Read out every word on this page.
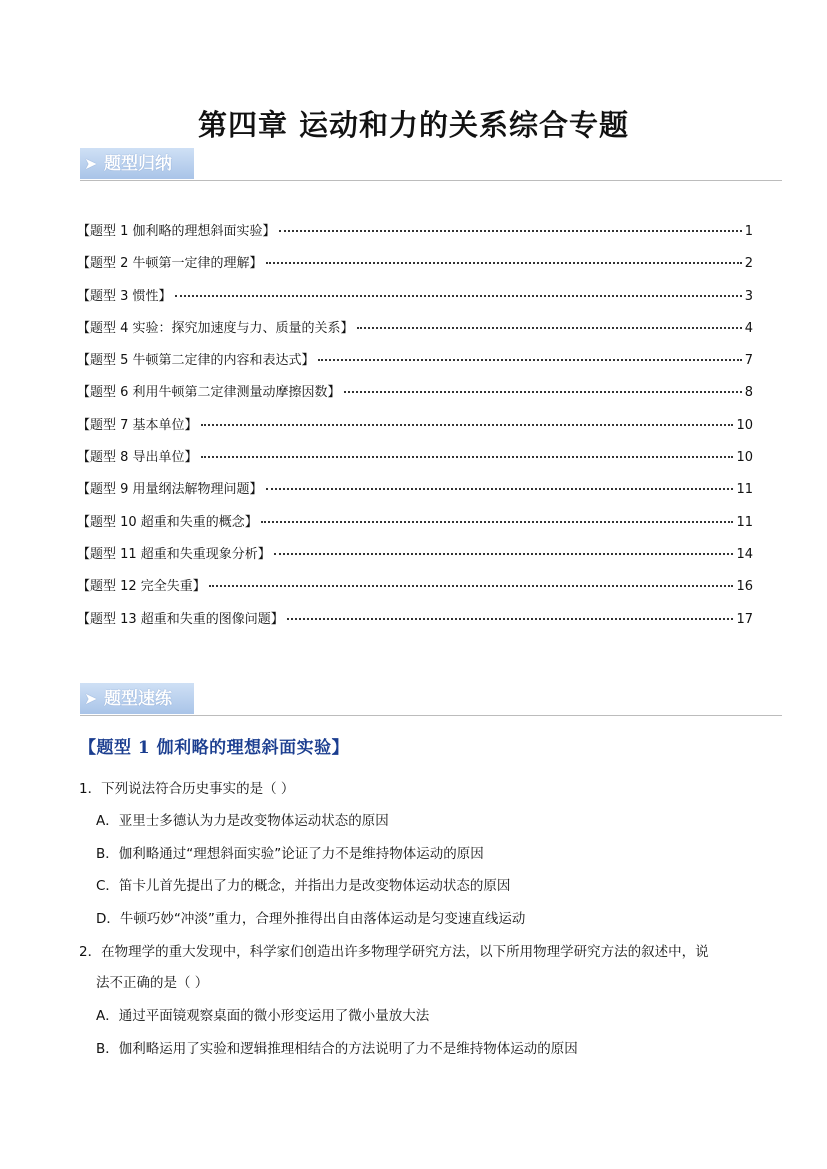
第四章 运动和力的关系综合专题
➤ 题型归纳
【题型 1 伽利略的理想斜面实验】	1
【题型 2 牛顿第一定律的理解】	2
【题型 3 惯性】	3
【题型 4 实验：探究加速度与力、质量的关系】	4
【题型 5 牛顿第二定律的内容和表达式】	7
【题型 6 利用牛顿第二定律测量动摩擦因数】	8
【题型 7 基本单位】	10
【题型 8 导出单位】	10
【题型 9 用量纲法解物理问题】	11
【题型 10 超重和失重的概念】	11
【题型 11 超重和失重现象分析】	14
【题型 12 完全失重】	16
【题型 13 超重和失重的图像问题】	17
➤ 题型速练
【题型 1 伽利略的理想斜面实验】
1．下列说法符合历史事实的是（ ）
A．亚里士多德认为力是改变物体运动状态的原因
B．伽利略通过“理想斜面实验”论证了力不是维持物体运动的原因
C．笛卡儿首先提出了力的概念，并指出力是改变物体运动状态的原因
D．牛顿巧妙“冲淡”重力，合理外推得出自由落体运动是匀变速直线运动
2．在物理学的重大发现中，科学家们创造出许多物理学研究方法，以下所用物理学研究方法的叙述中，说
法不正确的是（ ）
A．通过平面镜观察桌面的微小形变运用了微小量放大法
B．伽利略运用了实验和逻辑推理相结合的方法说明了力不是维持物体运动的原因
